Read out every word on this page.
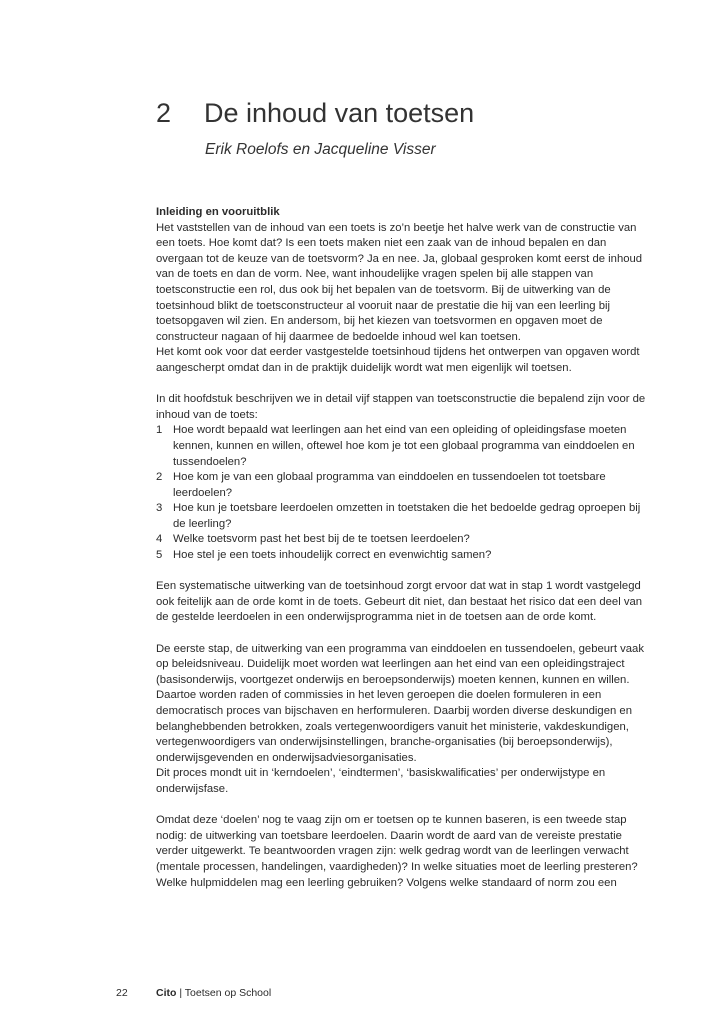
2 De inhoud van toetsen
Erik Roelofs en Jacqueline Visser

Inleiding en vooruitblik

Het vaststellen van de inhoud van een toets is zo’n beetje het halve werk van de constructie van een toets. Hoe komt dat? Is een toets maken niet een zaak van de inhoud bepalen en dan overgaan tot de keuze van de toetsvorm? Ja en nee. Ja, globaal gesproken komt eerst de inhoud van de toets en dan de vorm. Nee, want inhoudelijke vragen spelen bij alle stappen van toetsconstructie een rol, dus ook bij het bepalen van de toetsvorm. Bij de uitwerking van de toetsinhoud blikt de toetsconstructeur al vooruit naar de prestatie die hij van een leerling bij toetsopgaven wil zien. En andersom, bij het kiezen van toetsvormen en opgaven moet de constructeur nagaan of hij daarmee de bedoelde inhoud wel kan toetsen.

Het komt ook voor dat eerder vastgestelde toetsinhoud tijdens het ontwerpen van opgaven wordt aangescherpt omdat dan in de praktijk duidelijk wordt wat men eigenlijk wil toetsen.

In dit hoofdstuk beschrijven we in detail vijf stappen van toetsconstructie die bepalend zijn voor de inhoud van de toets:

1 Hoe wordt bepaald wat leerlingen aan het eind van een opleiding of opleidingsfase moeten kennen, kunnen en willen, oftewel hoe kom je tot een globaal programma van einddoelen en tussendoelen?
2 Hoe kom je van een globaal programma van einddoelen en tussendoelen tot toetsbare leerdoelen?
3 Hoe kun je toetsbare leerdoelen omzetten in toetstaken die het bedoelde gedrag oproepen bij de leerling?
4 Welke toetsvorm past het best bij de te toetsen leerdoelen?
5 Hoe stel je een toets inhoudelijk correct en evenwichtig samen?

Een systematische uitwerking van de toetsinhoud zorgt ervoor dat wat in stap 1 wordt vastgelegd ook feitelijk aan de orde komt in de toets. Gebeurt dit niet, dan bestaat het risico dat een deel van de gestelde leerdoelen in een onderwijsprogramma niet in de toetsen aan de orde komt.

De eerste stap, de uitwerking van een programma van einddoelen en tussendoelen, gebeurt vaak op beleidsniveau. Duidelijk moet worden wat leerlingen aan het eind van een opleidingstraject (basisonderwijs, voortgezet onderwijs en beroepsonderwijs) moeten kennen, kunnen en willen. Daartoe worden raden of commissies in het leven geroepen die doelen formuleren in een democratisch proces van bijschaven en herformuleren. Daarbij worden diverse deskundigen en belanghebbenden betrokken, zoals vertegenwoordigers vanuit het ministerie, vakdeskundigen, vertegenwoordigers van onderwijsinstellingen, branche-organisaties (bij beroepsonderwijs), onderwijsgevenden en onderwijsadviesorganisaties.

Dit proces mondt uit in ‘kerndoelen’, ‘eindtermen’, ‘basiskwalificaties’ per onderwijstype en onderwijsfase.

Omdat deze ‘doelen’ nog te vaag zijn om er toetsen op te kunnen baseren, is een tweede stap nodig: de uitwerking van toetsbare leerdoelen. Daarin wordt de aard van de vereiste prestatie verder uitgewerkt. Te beantwoorden vragen zijn: welk gedrag wordt van de leerlingen verwacht (mentale processen, handelingen, vaardigheden)? In welke situaties moet de leerling presteren? Welke hulpmiddelen mag een leerling gebruiken? Volgens welke standaard of norm zou een

22	Cito | Toetsen op School
